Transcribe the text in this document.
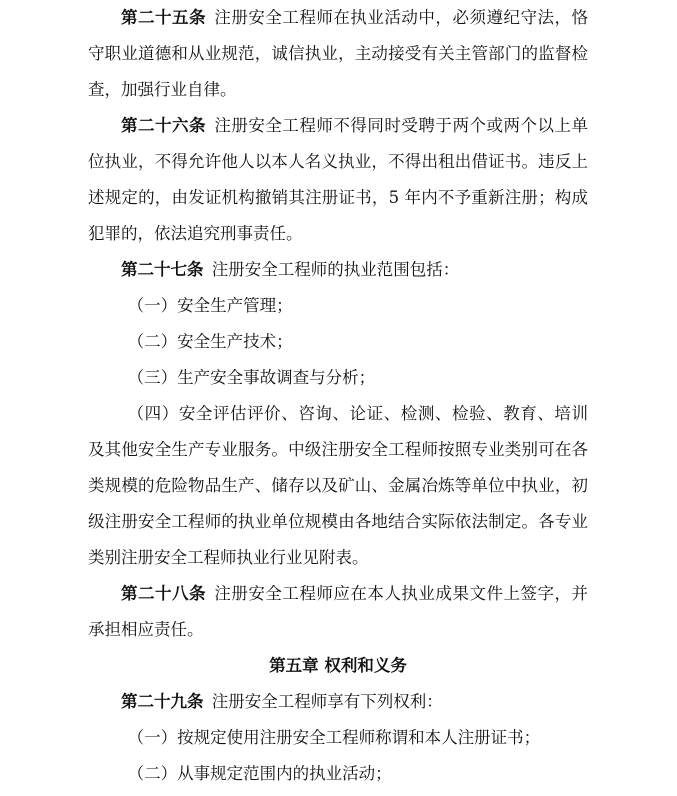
第二十五条 注册安全工程师在执业活动中，必须遵纪守法，恪守职业道德和从业规范，诚信执业，主动接受有关主管部门的监督检查，加强行业自律。

第二十六条 注册安全工程师不得同时受聘于两个或两个以上单位执业，不得允许他人以本人名义执业，不得出租出借证书。违反上述规定的，由发证机构撤销其注册证书，5 年内不予重新注册；构成犯罪的，依法追究刑事责任。

第二十七条 注册安全工程师的执业范围包括：

（一）安全生产管理；

（二）安全生产技术；

（三）生产安全事故调查与分析；

（四）安全评估评价、咨询、论证、检测、检验、教育、培训及其他安全生产专业服务。中级注册安全工程师按照专业类别可在各类规模的危险物品生产、储存以及矿山、金属冶炼等单位中执业，初级注册安全工程师的执业单位规模由各地结合实际依法制定。各专业类别注册安全工程师执业行业见附表。

第二十八条 注册安全工程师应在本人执业成果文件上签字，并承担相应责任。

第五章 权利和义务

第二十九条 注册安全工程师享有下列权利：

（一）按规定使用注册安全工程师称谓和本人注册证书；

（二）从事规定范围内的执业活动；
